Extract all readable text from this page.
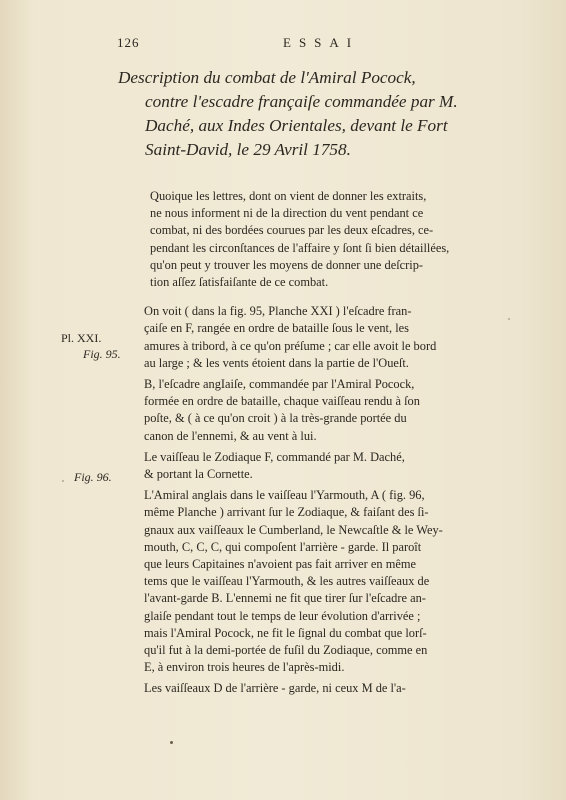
126	ESSAI
Description du combat de l'Amiral Pocock,
contre l'escadre françaiſe commandée par M.
Daché, aux Indes Orientales, devant le Fort
Saint-David, le 29 Avril 1758.
Pl. XXI.
Fig. 95.
Fig. 96.
Quoique les lettres, dont on vient de donner les extraits,
ne nous informent ni de la direction du vent pendant ce
combat, ni des bordées courues par les deux eſcadres, ce-
pendant les circonſtances de l'affaire y ſont ſi bien détaillées,
qu'on peut y trouver les moyens de donner une deſcrip-
tion aſſez ſatisfaiſante de ce combat.
On voit ( dans la fig. 95, Planche XXI ) l'eſcadre fran-
çaiſe en F, rangée en ordre de bataille ſous le vent, les
amures à tribord, à ce qu'on préſume ; car elle avoit le bord
au large ; & les vents étoient dans la partie de l'Oueſt.
B, l'eſcadre angIaiſe, commandée par l'Amiral Pocock,
formée en ordre de bataille, chaque vaiſſeau rendu à ſon
poſte, & ( à ce qu'on croit ) à la très-grande portée du
canon de l'ennemi, & au vent à lui.
Le vaiſſeau le Zodiaque F, commandé par M. Daché,
& portant la Cornette.
L'Amiral anglais dans le vaiſſeau l'Yarmouth, A ( fig. 96,
même Planche ) arrivant ſur le Zodiaque, & faiſant des ſi-
gnaux aux vaiſſeaux le Cumberland, le Newcaſtle & le Wey-
mouth, C, C, C, qui compoſent l'arrière - garde. Il paroît
que leurs Capitaines n'avoient pas fait arriver en même
tems que le vaiſſeau l'Yarmouth, & les autres vaiſſeaux de
l'avant-garde B. L'ennemi ne fit que tirer ſur l'eſcadre an-
glaiſe pendant tout le temps de leur évolution d'arrivée ;
mais l'Amiral Pocock, ne fit le ſignal du combat que lorſ-
qu'il fut à la demi-portée de fuſil du Zodiaque, comme en
E, à environ trois heures de l'après-midi.
Les vaiſſeaux D de l'arrière - garde, ni ceux M de l'a-
